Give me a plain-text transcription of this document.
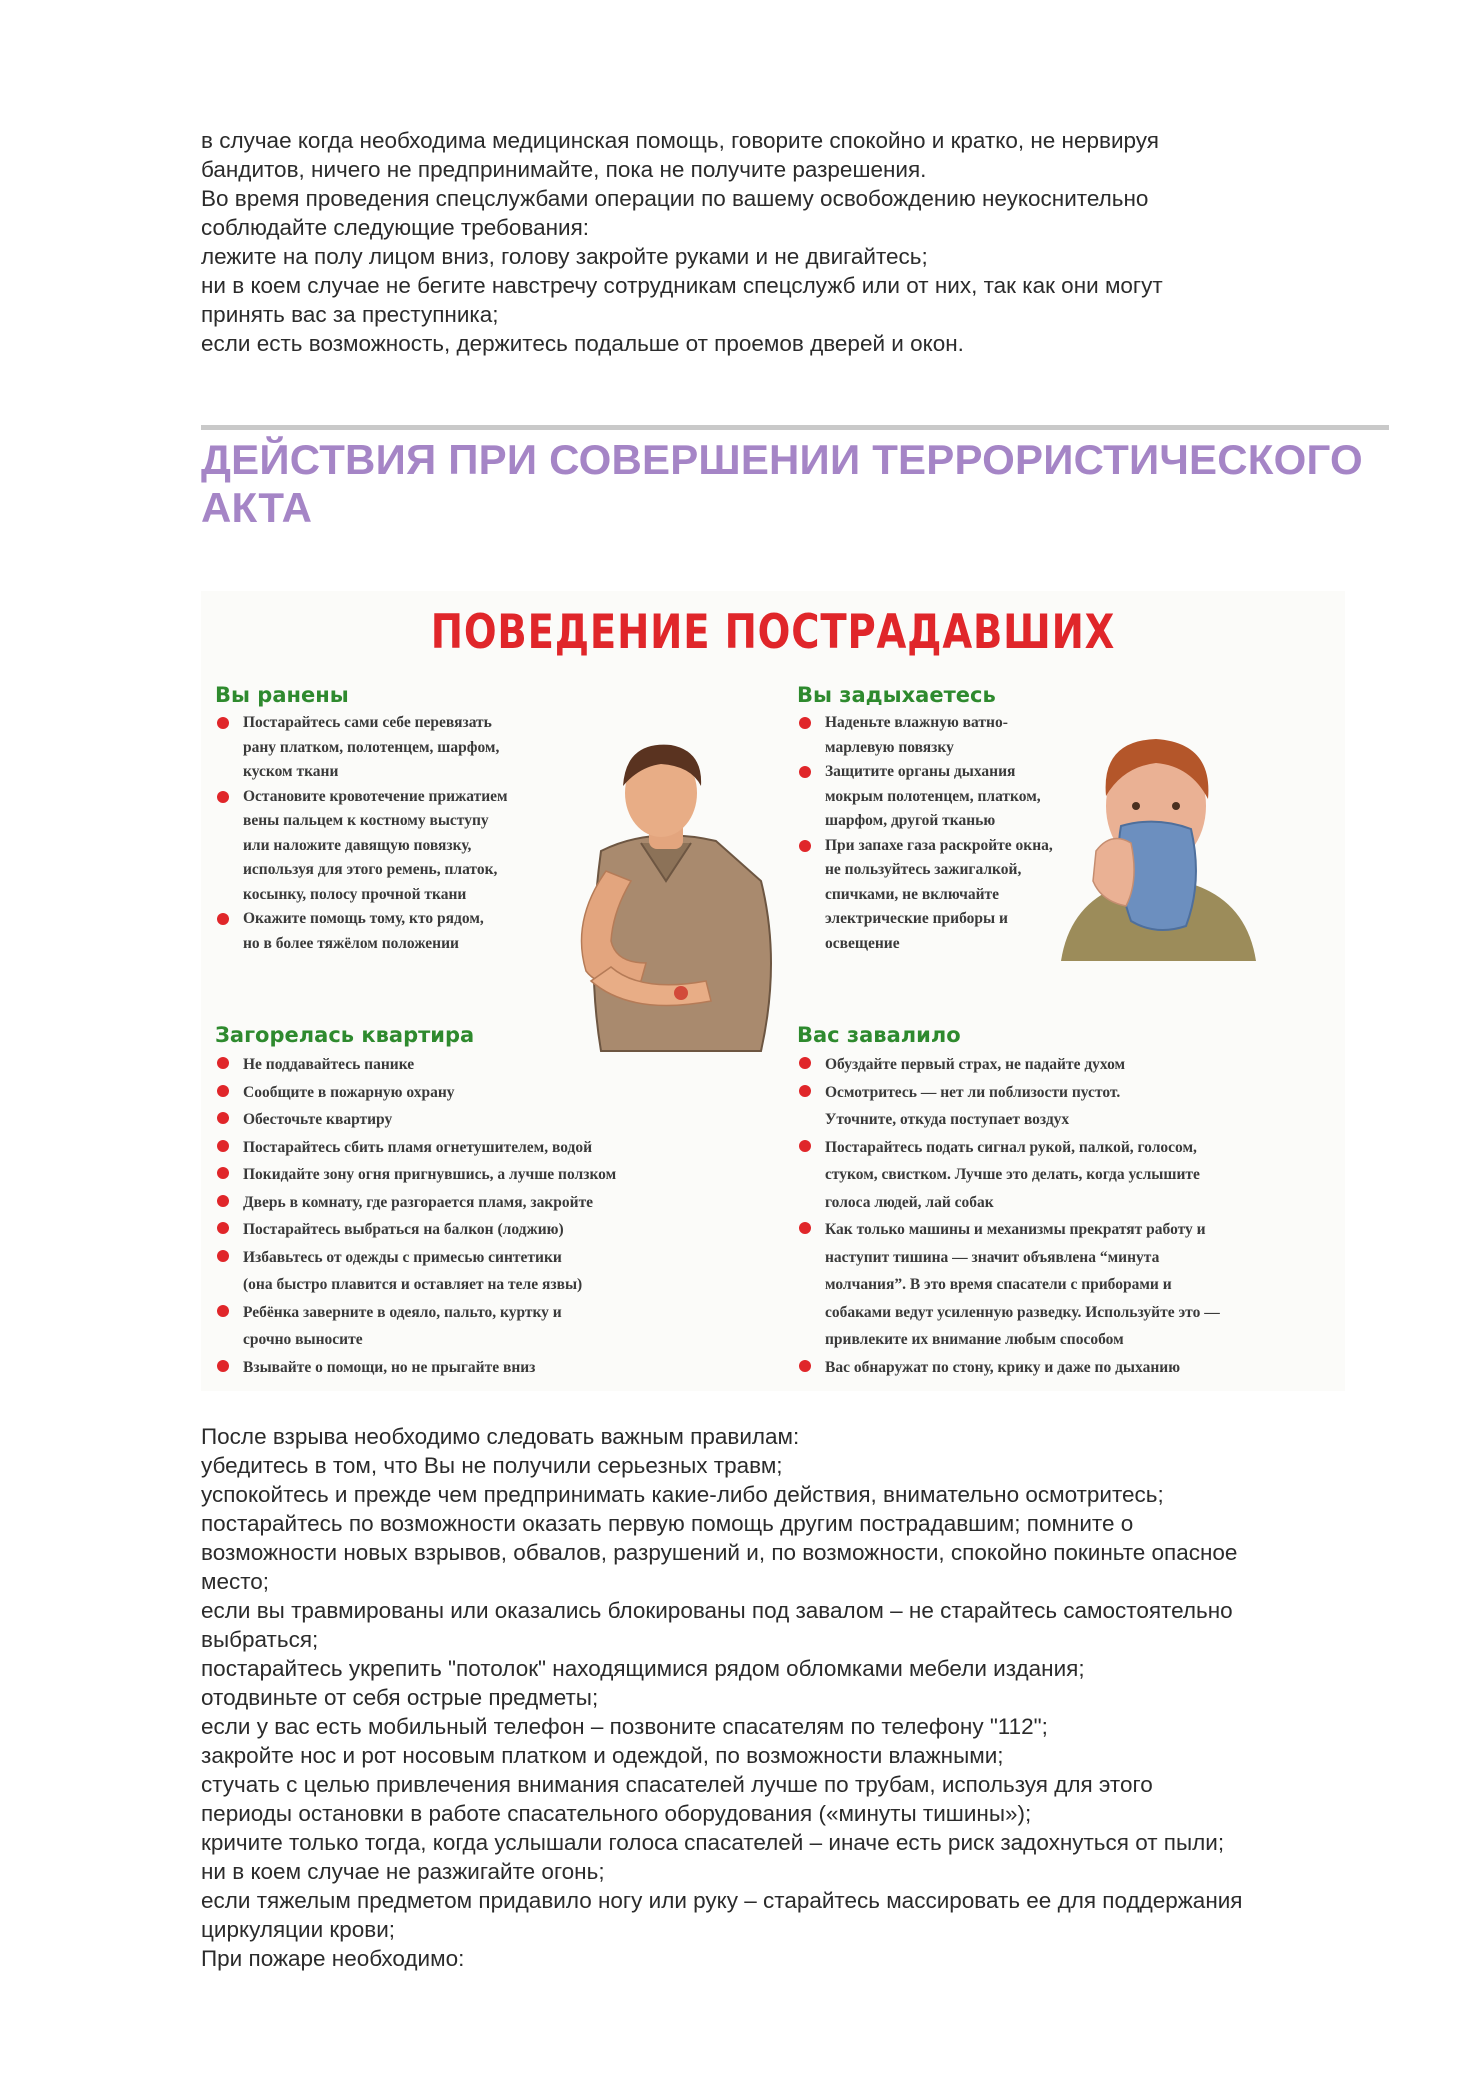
в случае когда необходима медицинская помощь, говорите спокойно и кратко, не нервируя

бандитов, ничего не предпринимайте, пока не получите разрешения.

Во время проведения спецслужбами операции по вашему освобождению неукоснительно

соблюдайте следующие требования:

лежите на полу лицом вниз, голову закройте руками и не двигайтесь;

ни в коем случае не бегите навстречу сотрудникам спецслужб или от них, так как они могут

принять вас за преступника;

если есть возможность, держитесь подальше от проемов дверей и окон.

ДЕЙСТВИЯ ПРИ СОВЕРШЕНИИ ТЕРРОРИСТИЧЕСКОГО
АКТА
ПОВЕДЕНИЕ ПОСТРАДАВШИХ
Вы ранены
Постарайтесь сами себе перевязать
рану платком, полотенцем, шарфом,
куском ткани
Остановите кровотечение прижатием
вены пальцем к костному выступу
или наложите давящую повязку,
используя для этого ремень, платок,
косынку, полосу прочной ткани
Окажите помощь тому, кто рядом,
но в более тяжёлом положении
Вы задыхаетесь
Наденьте влажную ватно-
марлевую повязку
Защитите органы дыхания
мокрым полотенцем, платком,
шарфом, другой тканью
При запахе газа раскройте окна,
не пользуйтесь зажигалкой,
спичками, не включайте
электрические приборы и
освещение
Загорелась квартира
Не поддавайтесь панике
Сообщите в пожарную охрану
Обесточьте квартиру
Постарайтесь сбить пламя огнетушителем, водой
Покидайте зону огня пригнувшись, а лучше ползком
Дверь в комнату, где разгорается пламя, закройте
Постарайтесь выбраться на балкон (лоджию)
Избавьтесь от одежды с примесью синтетики
(она быстро плавится и оставляет на теле язвы)
Ребёнка заверните в одеяло, пальто, куртку и
срочно выносите
Взывайте о помощи, но не прыгайте вниз
Вас завалило
Обуздайте первый страх, не падайте духом
Осмотритесь — нет ли поблизости пустот.
Уточните, откуда поступает воздух
Постарайтесь подать сигнал рукой, палкой, голосом,
стуком, свистком. Лучше это делать, когда услышите
голоса людей, лай собак
Как только машины и механизмы прекратят работу и
наступит тишина — значит объявлена “минута
молчания”. В это время спасатели с приборами и
собаками ведут усиленную разведку. Используйте это —
привлеките их внимание любым способом
Вас обнаружат по стону, крику и даже по дыханию

После взрыва необходимо следовать важным правилам:

убедитесь в том, что Вы не получили серьезных травм;

успокойтесь и прежде чем предпринимать какие-либо действия, внимательно осмотритесь;

постарайтесь по возможности оказать первую помощь другим пострадавшим; помните о

возможности новых взрывов, обвалов, разрушений и, по возможности, спокойно покиньте опасное

место;

если вы травмированы или оказались блокированы под завалом – не старайтесь самостоятельно

выбраться;

постарайтесь укрепить "потолок" находящимися рядом обломками мебели издания;

отодвиньте от себя острые предметы;

если у вас есть мобильный телефон – позвоните спасателям по телефону "112";

закройте нос и рот носовым платком и одеждой, по возможности влажными;

стучать с целью привлечения внимания спасателей лучше по трубам, используя для этого

периоды остановки в работе спасательного оборудования («минуты тишины»);

кричите только тогда, когда услышали голоса спасателей – иначе есть риск задохнуться от пыли;

ни в коем случае не разжигайте огонь;

если тяжелым предметом придавило ногу или руку – старайтесь массировать ее для поддержания

циркуляции крови;

При пожаре необходимо:
